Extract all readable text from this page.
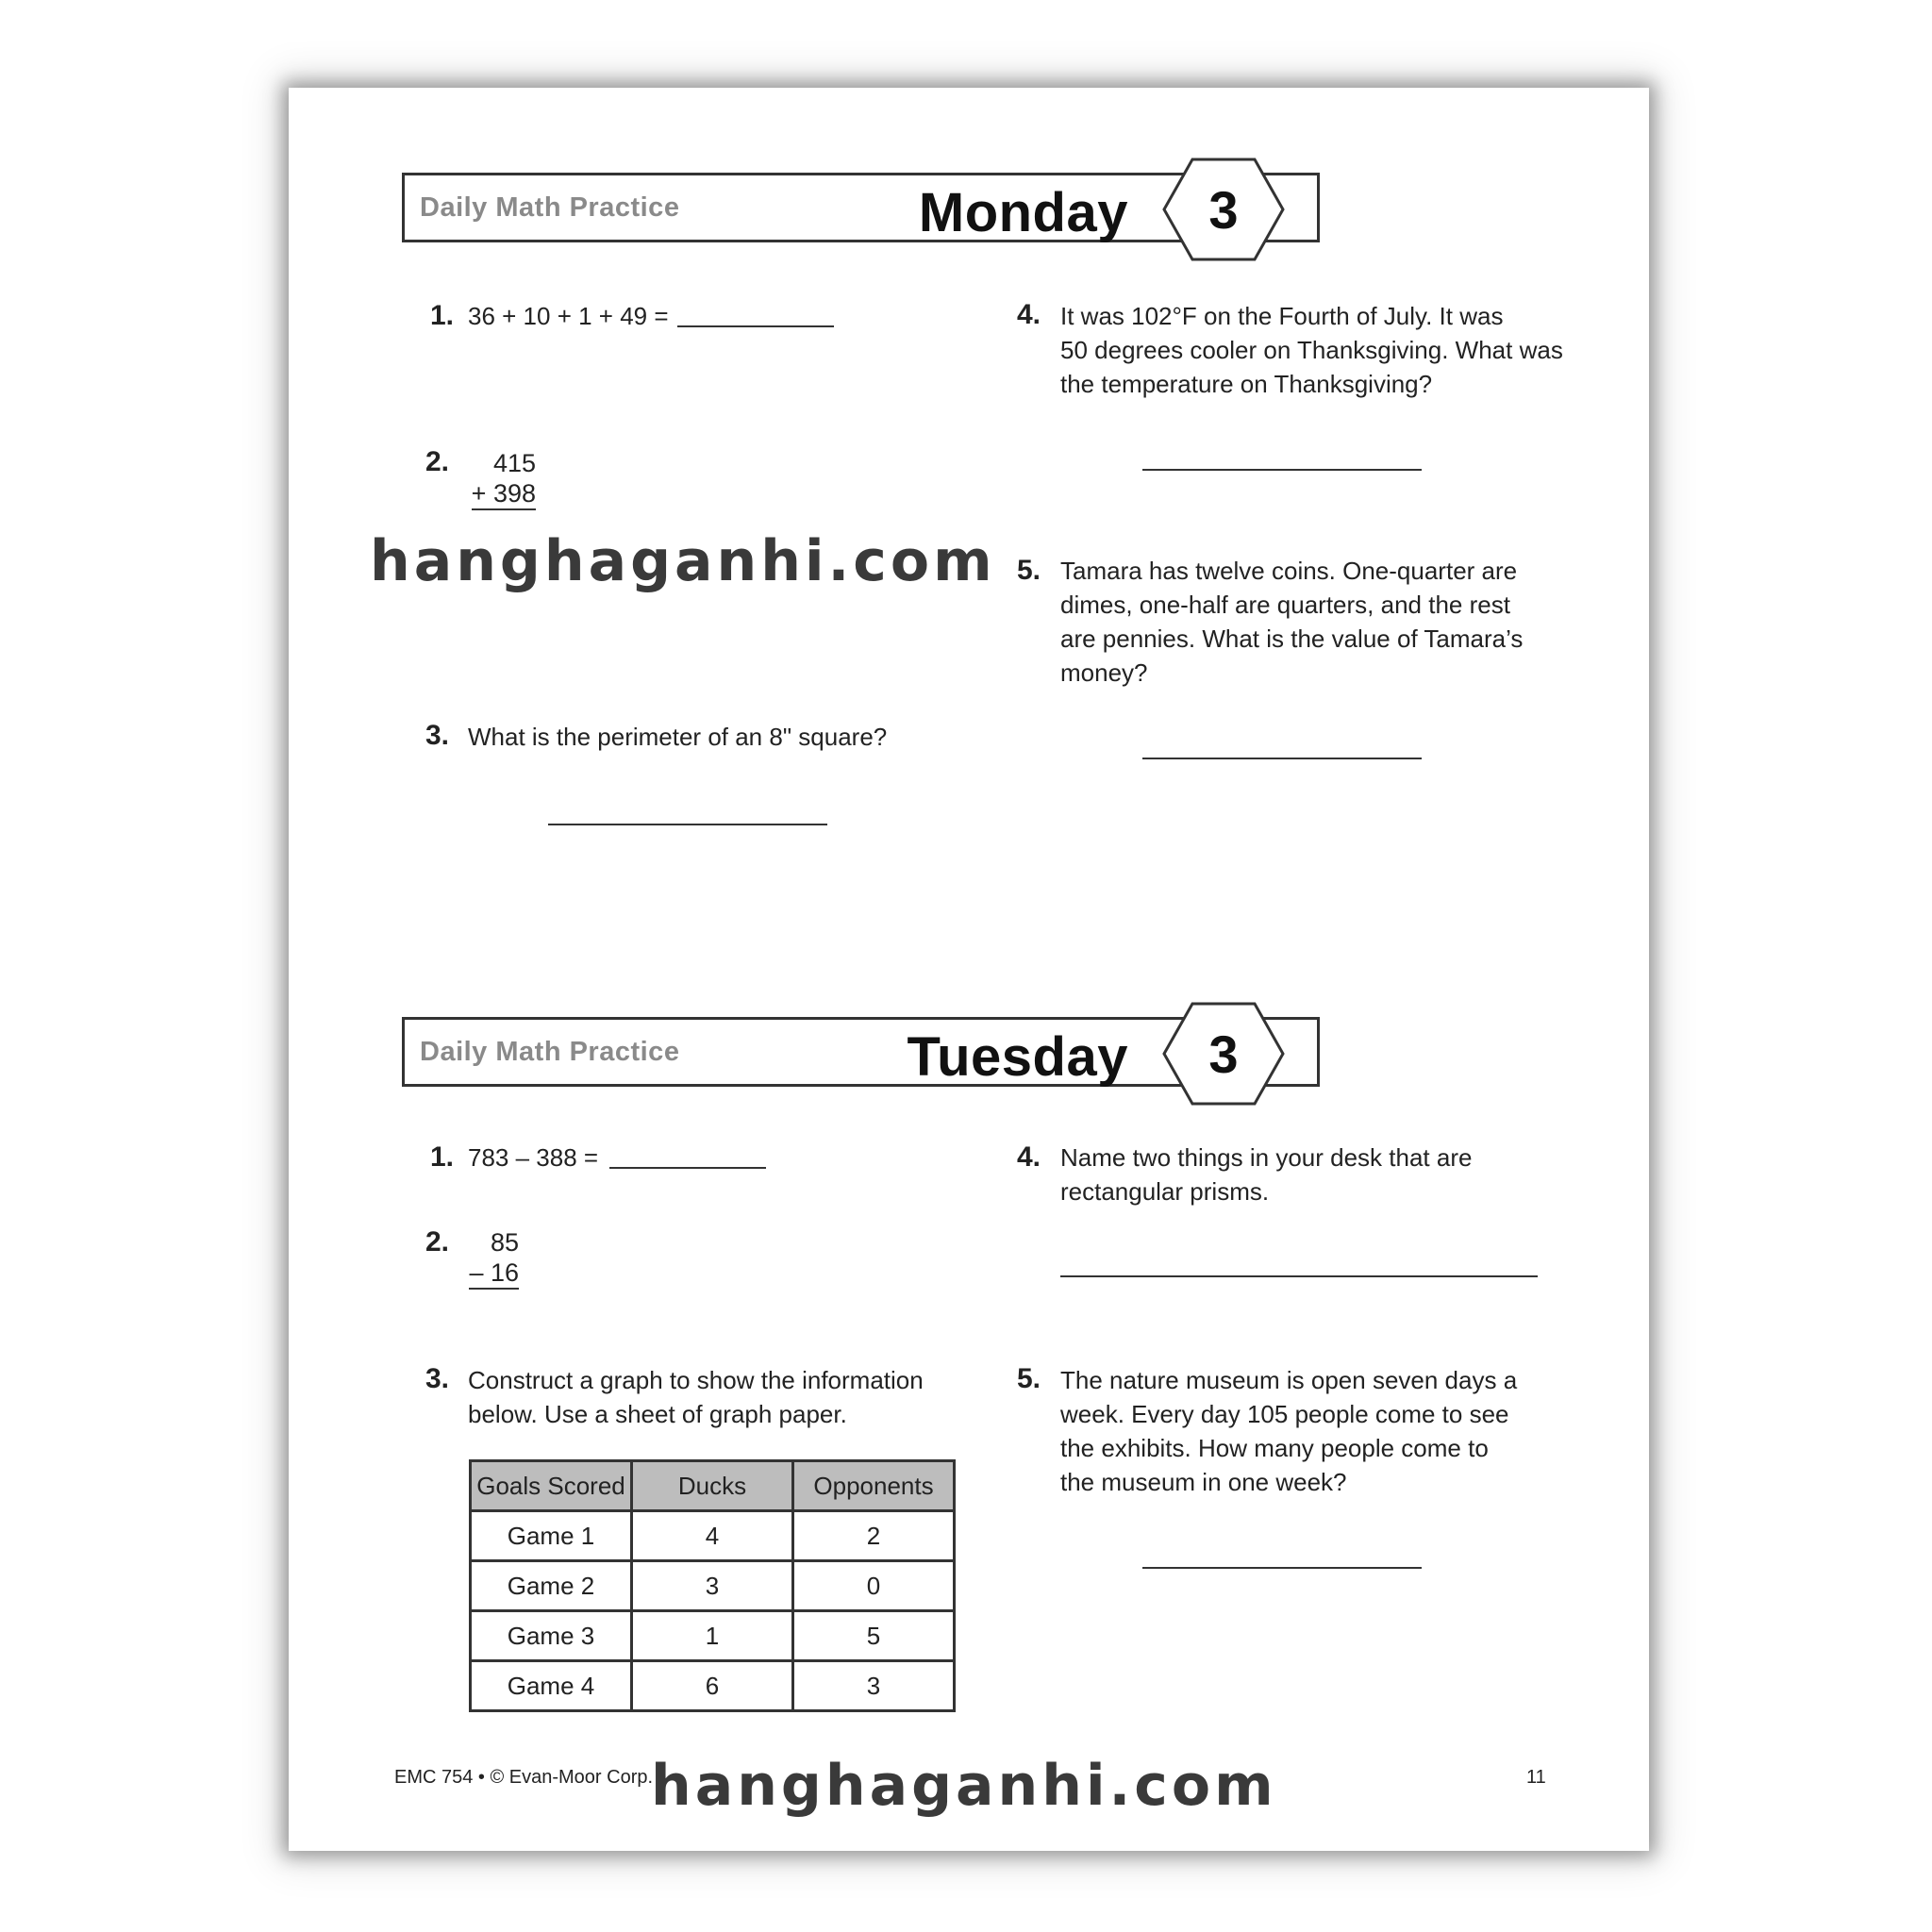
Daily Math Practice	Monday	3
1. 36 + 10 + 1 + 49 =
2.	415
+ 398
3. What is the perimeter of an 8" square?
4. It was 102°F on the Fourth of July. It was
50 degrees cooler on Thanksgiving. What was
the temperature on Thanksgiving?
5. Tamara has twelve coins. One-quarter are
dimes, one-half are quarters, and the rest
are pennies. What is the value of Tamara’s
money?
Daily Math Practice	Tuesday	3
1. 783 – 388 =
2.	85
– 16
3. Construct a graph to show the information
below. Use a sheet of graph paper.
Goals Scored	Ducks	Opponents
Game 1	4	2
Game 2	3	0
Game 3	1	5
Game 4	6	3
4. Name two things in your desk that are
rectangular prisms.
5. The nature museum is open seven days a
week. Every day 105 people come to see
the exhibits. How many people come to
the museum in one week?
EMC 754 • © Evan-Moor Corp.	11
hanghaganhi.com
hanghaganhi.com
